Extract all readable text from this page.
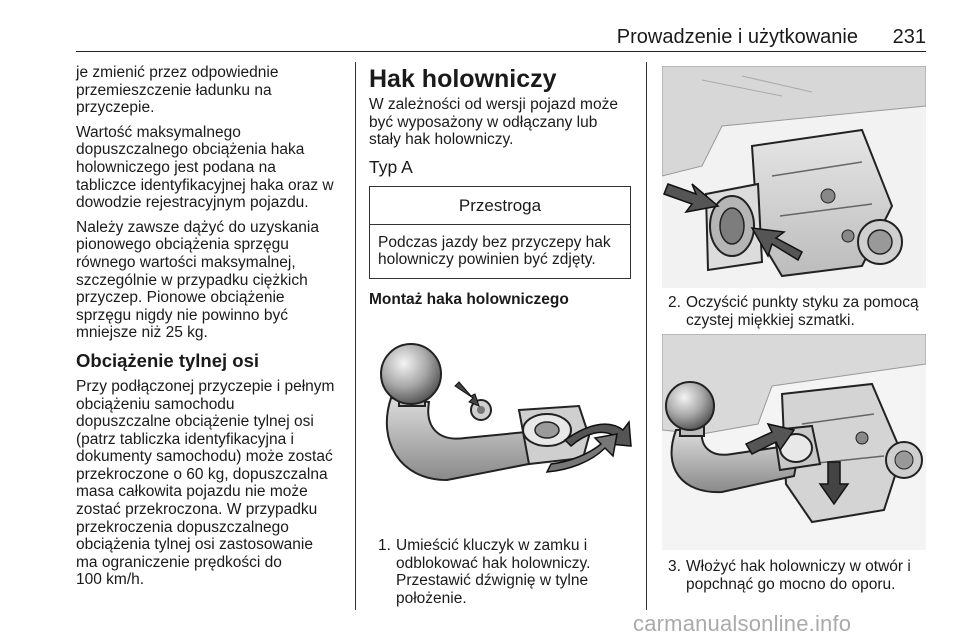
Prowadzenie i użytkowanie 231

je zmienić przez odpowiednie
przemieszczenie ładunku na
przyczepie.

Wartość maksymalnego
dopuszczalnego obciążenia haka
holowniczego jest podana na
tabliczce identyfikacyjnej haka oraz w
dowodzie rejestracyjnym pojazdu.

Należy zawsze dążyć do uzyskania
pionowego obciążenia sprzęgu
równego wartości maksymalnej,
szczególnie w przypadku ciężkich
przyczep. Pionowe obciążenie
sprzęgu nigdy nie powinno być
mniejsze niż 25 kg.

Obciążenie tylnej osi

Przy podłączonej przyczepie i pełnym
obciążeniu samochodu
dopuszczalne obciążenie tylnej osi
(patrz tabliczka identyfikacyjna i
dokumenty samochodu) może zostać
przekroczone o 60 kg, dopuszczalna
masa całkowita pojazdu nie może
zostać przekroczona. W przypadku
przekroczenia dopuszczalnego
obciążenia tylnej osi zastosowanie
ma ograniczenie prędkości do
100 km/h.

Hak holowniczy

W zależności od wersji pojazd może
być wyposażony w odłączany lub
stały hak holowniczy.

Typ A
Przestroga
Podczas jazdy bez przyczepy hak
holowniczy powinien być zdjęty.
Montaż haka holowniczego
1. Umieścić kluczyk w zamku i
odblokować hak holowniczy.
Przestawić dźwignię w tylne
położenie.
2. Oczyścić punkty styku za pomocą
czystej miękkiej szmatki.
3. Włożyć hak holowniczy w otwór i
popchnąć go mocno do oporu.
carmanualsonline.info
